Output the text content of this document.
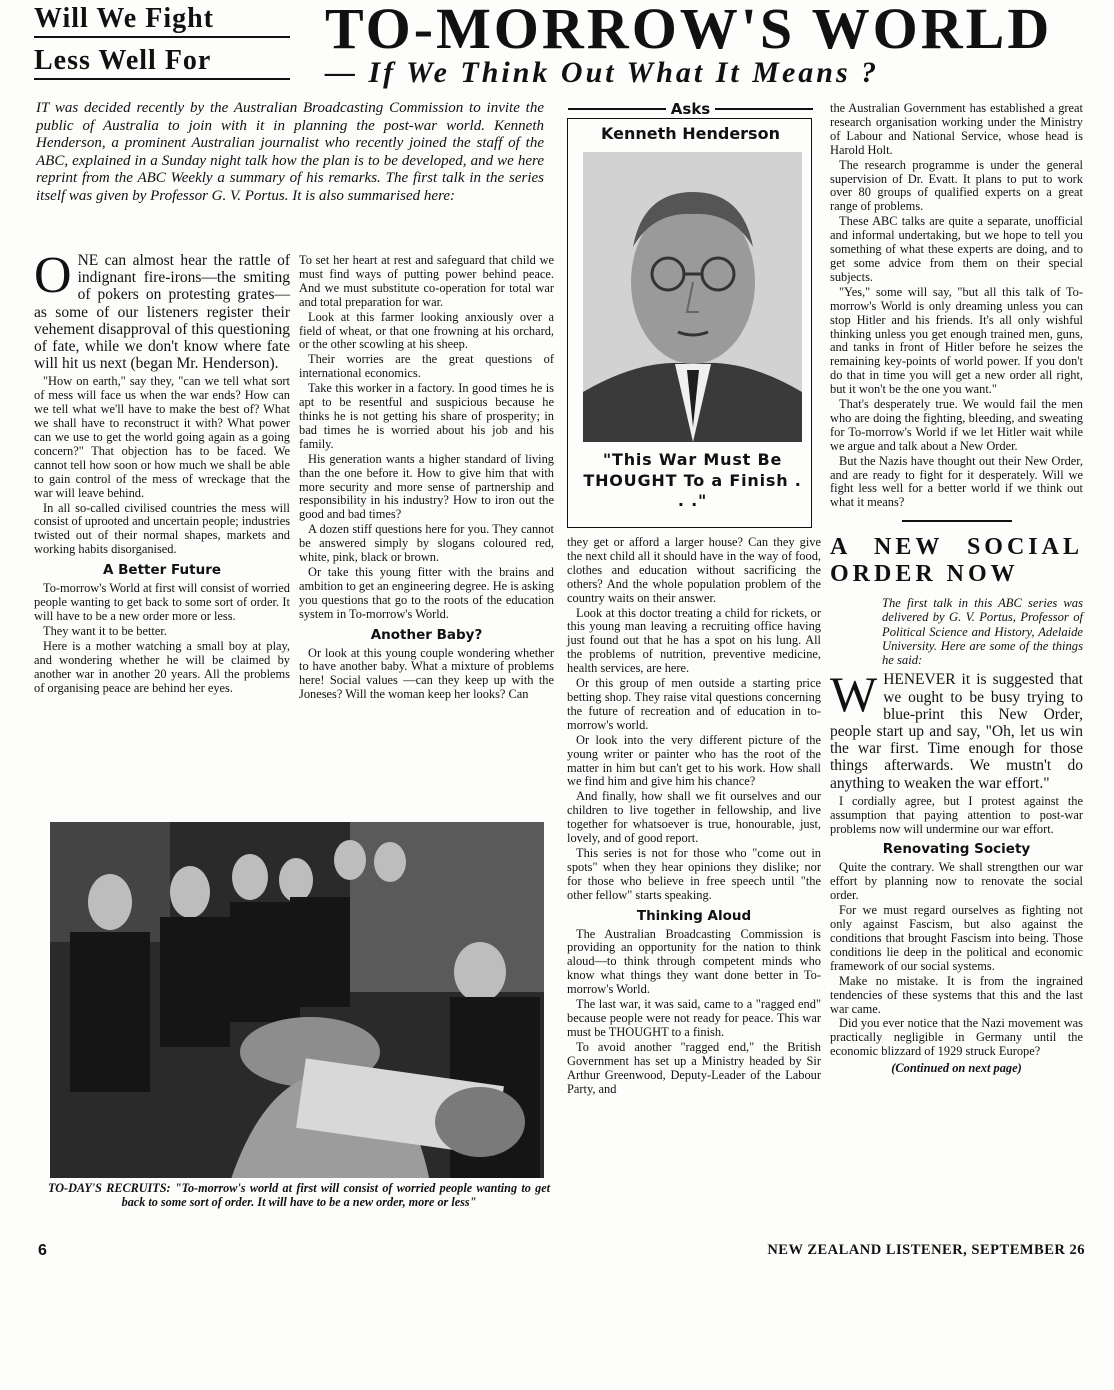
Will We Fight
Less Well For	TO-MORROW'S WORLD
— If We Think Out What It Means ?
IT was decided recently by the Australian Broadcasting Commission to invite the public of Australia to join with it in planning the post-war world. Kenneth Henderson, a prominent Australian journalist who recently joined the staff of the ABC, explained in a Sunday night talk how the plan is to be developed, and we here reprint from the ABC Weekly a summary of his remarks. The first talk in the series itself was given by Professor G. V. Portus. It is also summarised here:

O NE can almost hear the rattle of indignant fire-irons—the smiting of pokers on protesting grates—as some of our listeners register their vehement disapproval of this questioning of fate, while we don't know where fate will hit us next (began Mr. Henderson).

"How on earth," say they, "can we tell what sort of mess will face us when the war ends? How can we tell what we'll have to make the best of? What we shall have to reconstruct it with? What power can we use to get the world going again as a going concern?" That objection has to be faced. We cannot tell how soon or how much we shall be able to gain control of the mess of wreckage that the war will leave behind.

In all so-called civilised countries the mess will consist of uprooted and uncertain people; industries twisted out of their normal shapes, markets and working habits disorganised.

A Better Future

To-morrow's World at first will consist of worried people wanting to get back to some sort of order. It will have to be a new order more or less.

They want it to be better.

Here is a mother watching a small boy at play, and wondering whether he will be claimed by another war in another 20 years. All the problems of organising peace are behind her eyes.

To set her heart at rest and safeguard that child we must find ways of putting power behind peace. And we must substitute co-operation for total war and total preparation for war.

Look at this farmer looking anxiously over a field of wheat, or that one frowning at his orchard, or the other scowling at his sheep.

Their worries are the great questions of international economics.

Take this worker in a factory. In good times he is apt to be resentful and suspicious because he thinks he is not getting his share of prosperity; in bad times he is worried about his job and his family.

His generation wants a higher standard of living than the one before it. How to give him that with more security and more sense of partnership and responsibility in his industry? How to iron out the good and bad times?

A dozen stiff questions here for you. They cannot be answered simply by slogans coloured red, white, pink, black or brown.

Or take this young fitter with the brains and ambition to get an engineering degree. He is asking you questions that go to the roots of the education system in To-morrow's World.

Another Baby?

Or look at this young couple wondering whether to have another baby. What a mixture of problems here! Social values —can they keep up with the Joneses? Will the woman keep her looks? Can

TO-DAY'S RECRUITS: "To-morrow's world at first will consist of worried people wanting to get back to some sort of order. It will have to be a new order, more or less"
Asks
Kenneth Henderson
"This War Must Be THOUGHT To a Finish . . ."

they get or afford a larger house? Can they give the next child all it should have in the way of food, clothes and education without sacrificing the others? And the whole population problem of the country waits on their answer.

Look at this doctor treating a child for rickets, or this young man leaving a recruiting office having just found out that he has a spot on his lung. All the problems of nutrition, preventive medicine, health services, are here.

Or this group of men outside a starting price betting shop. They raise vital questions concerning the future of recreation and of education in to-morrow's world.

Or look into the very different picture of the young writer or painter who has the root of the matter in him but can't get to his work. How shall we find him and give him his chance?

And finally, how shall we fit ourselves and our children to live together in fellowship, and live together for whatsoever is true, honourable, just, lovely, and of good report.

This series is not for those who "come out in spots" when they hear opinions they dislike; nor for those who believe in free speech until "the other fellow" starts speaking.

Thinking Aloud

The Australian Broadcasting Commission is providing an opportunity for the nation to think aloud—to think through competent minds who know what things they want done better in To-morrow's World.

The last war, it was said, came to a "ragged end" because people were not ready for peace. This war must be THOUGHT to a finish.

To avoid another "ragged end," the British Government has set up a Ministry headed by Sir Arthur Greenwood, Deputy-Leader of the Labour Party, and

the Australian Government has established a great research organisation working under the Ministry of Labour and National Service, whose head is Harold Holt.

The research programme is under the general supervision of Dr. Evatt. It plans to put to work over 80 groups of qualified experts on a great range of problems.

These ABC talks are quite a separate, unofficial and informal undertaking, but we hope to tell you something of what these experts are doing, and to get some advice from them on their special subjects.

"Yes," some will say, "but all this talk of To-morrow's World is only dreaming unless you can stop Hitler and his friends. It's all only wishful thinking unless you get enough trained men, guns, and tanks in front of Hitler before he seizes the remaining key-points of world power. If you don't do that in time you will get a new order all right, but it won't be the one you want."

That's desperately true. We would fail the men who are doing the fighting, bleeding, and sweating for To-morrow's World if we let Hitler wait while we argue and talk about a New Order.

But the Nazis have thought out their New Order, and are ready to fight for it desperately. Will we fight less well for a better world if we think out what it means?

A NEW SOCIAL ORDER NOW

The first talk in this ABC series was delivered by G. V. Portus, Professor of Political Science and History, Adelaide University. Here are some of the things he said:

W HENEVER it is suggested that we ought to be busy trying to blue-print this New Order, people start up and say, "Oh, let us win the war first. Time enough for those things afterwards. We mustn't do anything to weaken the war effort."

I cordially agree, but I protest against the assumption that paying attention to post-war problems now will undermine our war effort.

Renovating Society

Quite the contrary. We shall strengthen our war effort by planning now to renovate the social order.

For we must regard ourselves as fighting not only against Fascism, but also against the conditions that brought Fascism into being. Those conditions lie deep in the political and economic framework of our social systems.

Make no mistake. It is from the ingrained tendencies of these systems that this and the last war came.

Did you ever notice that the Nazi movement was practically negligible in Germany until the economic blizzard of 1929 struck Europe?

(Continued on next page)
6	NEW ZEALAND LISTENER, SEPTEMBER 26
